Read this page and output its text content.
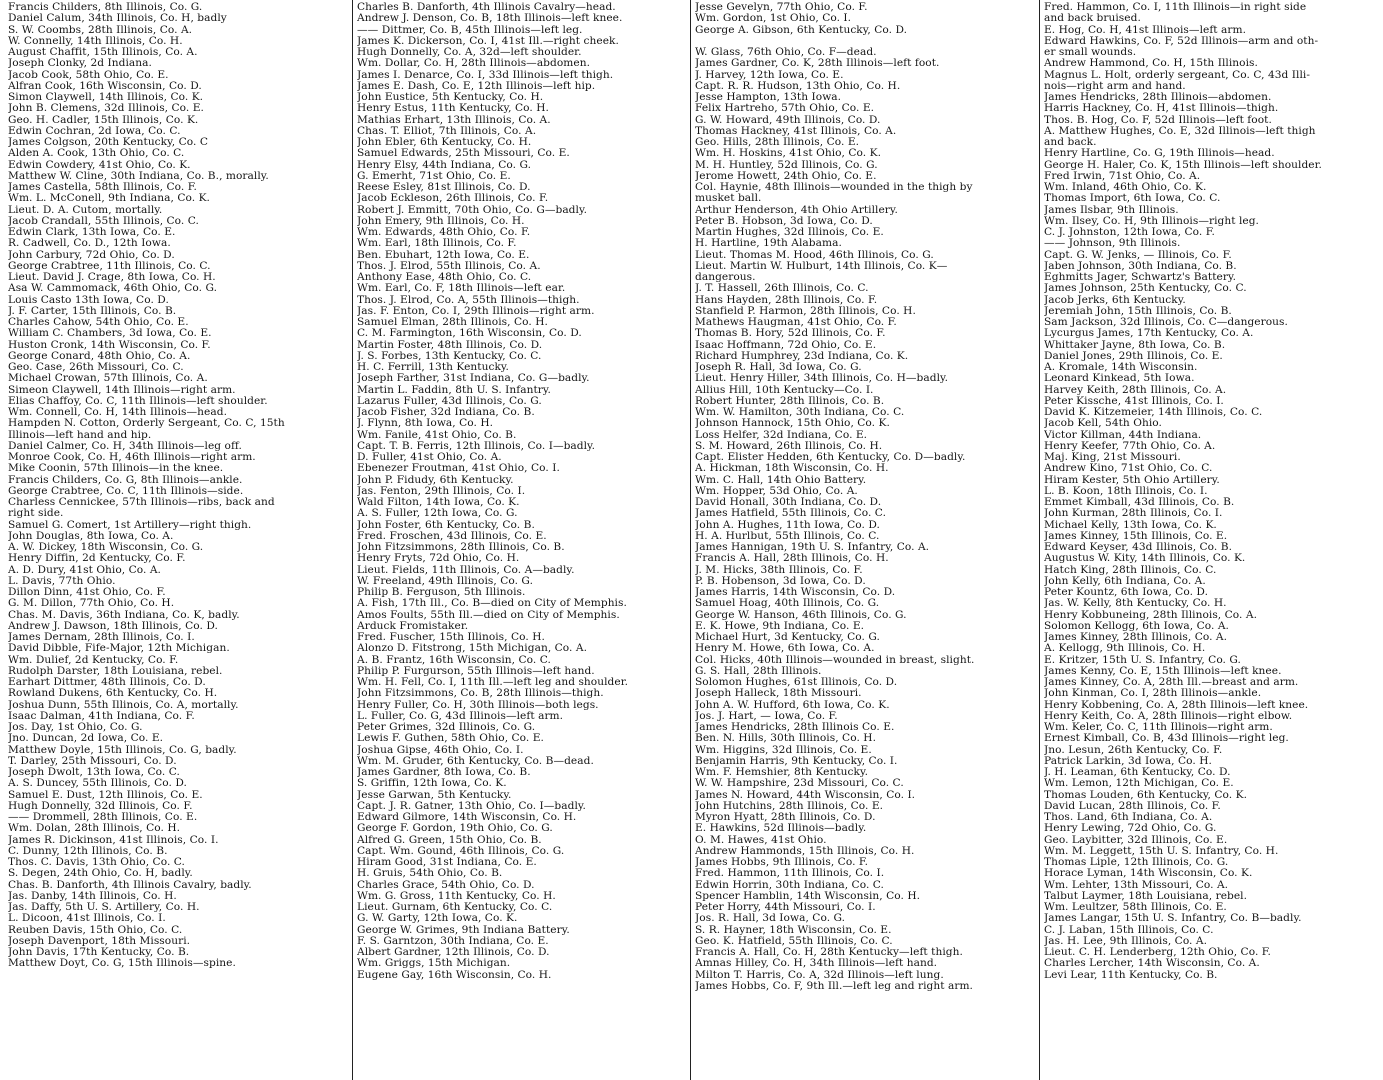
Francis Childers, 8th Illinois, Co. G.
Daniel Calum, 34th Illinois, Co. H, badly
S. W. Coombs, 28th Illinois, Co. A.
W. Connelly, 14th Illinois, Co. H.
August Chaffit, 15th Illinois, Co. A.
Joseph Clonky, 2d Indiana.
Jacob Cook, 58th Ohio, Co. E.
Alfran Cook, 16th Wisconsin, Co. D.
Simon Claywell, 14th Illinois, Co. K.
John B. Clemens, 32d Illinois, Co. E.
Geo. H. Cadler, 15th Illinois, Co. K.
Edwin Cochran, 2d Iowa, Co. C.
James Colgson, 20th Kentucky, Co. C
Alden A. Cook, 13th Ohio, Co. C.
Edwin Cowdery, 41st Ohio, Co. K.
Matthew W. Cline, 30th Indiana, Co. B., morally.
James Castella, 58th Illinois, Co. F.
Wm. L. McConell, 9th Indiana, Co. K.
Lieut. D. A. Cutom, mortally.
Jacob Crandall, 55th Illinois, Co. C.
Edwin Clark, 13th Iowa, Co. E.
R. Cadwell, Co. D., 12th Iowa.
John Carbury, 72d Ohio, Co. D.
George Crabtree, 11th Illinois, Co. C.
Lieut. David J. Crage, 8th Iowa, Co. H.
Asa W. Cammomack, 46th Ohio, Co. G.
Louis Casto 13th Iowa, Co. D.
J. F. Carter, 15th Illinois, Co. B.
Charles Cahow, 54th Ohio, Co. E.
William C. Chambers, 3d Iowa, Co. E.
Huston Cronk, 14th Wisconsin, Co. F.
George Conard, 48th Ohio, Co. A.
Geo. Case, 26th Missouri, Co. C.
Michael Crowan, 57th Illinois, Co. A.
Simeon Claywell, 14th Illinois—right arm.
Elias Chaffoy, Co. C, 11th Illinois—left shoulder.
Wm. Connell, Co. H, 14th Illinois—head.
Hampden N. Cotton, Orderly Sergeant, Co. C, 15th
Illinois—left hand and hip.
Daniel Calmer, Co. H, 34th Illinois—leg off.
Monroe Cook, Co. H, 46th Illinois—right arm.
Mike Coonin, 57th Illinois—in the knee.
Francis Childers, Co. G, 8th Illinois—ankle.
George Crabtree, Co. C, 11th Illinois—side.
Charless Cennickee, 57th Illinois—ribs, back and
right side.
Samuel G. Comert, 1st Artillery—right thigh.
John Douglas, 8th Iowa, Co. A.
A. W. Dickey, 18th Wisconsin, Co. G.
Henry Diffin, 2d Kentucky, Co. F.
A. D. Dury, 41st Ohio, Co. A.
L. Davis, 77th Ohio.
Dillon Dinn, 41st Ohio, Co. F.
G. M. Dillon, 77th Ohio, Co. H.
Chas. M. Davis, 36th Indiana, Co. K, badly.
Andrew J. Dawson, 18th Illinois, Co. D.
James Dernam, 28th Illinois, Co. I.
David Dibble, Fife-Major, 12th Michigan.
Wm. Dulief, 2d Kentucky, Co. F.
Rudolph Darster, 18th Louisiana, rebel.
Earhart Dittmer, 48th Illinois, Co. D.
Rowland Dukens, 6th Kentucky, Co. H.
Joshua Dunn, 55th Illinois, Co. A, mortally.
Isaac Dalman, 41th Indiana, Co. F.
Jos. Day, 1st Ohio, Co. G.
Jno. Duncan, 2d Iowa, Co. E.
Matthew Doyle, 15th Illinois, Co. G, badly.
T. Darley, 25th Missouri, Co. D.
Joseph Dwolt, 13th Iowa, Co. C.
A. S. Duncey, 55th Illinois, Co. D.
Samuel E. Dust, 12th Illinois, Co. E.
Hugh Donnelly, 32d Illinois, Co. F.
—— Drommell, 28th Illinois, Co. E.
Wm. Dolan, 28th Illinois, Co. H.
James R. Dickinson, 41st Illinois, Co. I.
C. Dunny, 12th Illinois, Co. B.
Thos. C. Davis, 13th Ohio, Co. C.
S. Degen, 24th Ohio, Co. H, badly.
Chas. B. Danforth, 4th Illinois Cavalry, badly.
Jas. Danby, 14th Illinois, Co. H.
Jas. Daffy, 5th U. S. Artillery, Co. H.
L. Dicoon, 41st Illinois, Co. I.
Reuben Davis, 15th Ohio, Co. C.
Joseph Davenport, 18th Missouri.
John Davis, 17th Kentucky, Co. B.
Matthew Doyt, Co. G, 15th Illinois—spine.
Charles B. Danforth, 4th Illinois Cavalry—head.
Andrew J. Denson, Co. B, 18th Illinois—left knee.
—— Dittmer, Co. B, 45th Illinois—left leg.
James K. Dickerson, Co. I, 41st Ill.—right cheek.
Hugh Donnelly, Co. A, 32d—left shoulder.
Wm. Dollar, Co. H, 28th Illinois—abdomen.
James I. Denarce, Co. I, 33d Illinois—left thigh.
James E. Dash, Co. E, 12th Illinois—left hip.
John Eustice, 5th Kentucky, Co. H.
Henry Estus, 11th Kentucky, Co. H.
Mathias Erhart, 13th Illinois, Co. A.
Chas. T. Elliot, 7th Illinois, Co. A.
John Ebler, 6th Kentucky, Co. H.
Samuel Edwards, 25th Missouri, Co. E.
Henry Elsy, 44th Indiana, Co. G.
G. Emerht, 71st Ohio, Co. E.
Reese Esley, 81st Illinois, Co. D.
Jacob Eckleson, 26th Illinois, Co. F.
Robert J. Emmitt, 70th Ohio, Co. G—badly.
John Emery, 9th Illinois, Co. H.
Wm. Edwards, 48th Ohio, Co. F.
Wm. Earl, 18th Illinois, Co. F.
Ben. Ebuhart, 12th Iowa, Co. E.
Thos. J. Elrod, 55th Illinois, Co. A.
Anthony Ease, 48th Ohio, Co. C.
Wm. Earl, Co. F, 18th Illinois—left ear.
Thos. J. Elrod, Co. A, 55th Illinois—thigh.
Jas. F. Enton, Co. I, 29th Illinois—right arm.
Samuel Elman, 28th Illinois, Co. H.
C. M. Farmington, 16th Wisconsin, Co. D.
Martin Foster, 48th Illinois, Co. D.
J. S. Forbes, 13th Kentucky, Co. C.
H. C. Ferrill, 13th Kentucky.
Joseph Farther, 31st Indiana, Co. G—badly.
Martin L. Faddin, 8th U. S. Infantry.
Lazarus Fuller, 43d Illinois, Co. G.
Jacob Fisher, 32d Indiana, Co. B.
J. Flynn, 8th Iowa, Co. H.
Wm. Fanile, 41st Ohio, Co. B.
Capt. T. B. Ferris, 12th Illinois, Co. I—badly.
D. Fuller, 41st Ohio, Co. A.
Ebenezer Froutman, 41st Ohio, Co. I.
John P. Fidudy, 6th Kentucky.
Jas. Fenton, 29th Illinois, Co. I.
Wald Filton, 14th Iowa, Co. K.
A. S. Fuller, 12th Iowa, Co. G.
John Foster, 6th Kentucky, Co. B.
Fred. Froschen, 43d Illinois, Co. E.
John Fitzsimmons, 28th Illinois, Co. B.
Henry Fryts, 72d Ohio, Co. H.
Lieut. Fields, 11th Illinois, Co. A—badly.
W. Freeland, 49th Illinois, Co. G.
Philip B. Ferguson, 5th Illinois.
A. Fish, 17th Ill., Co. B—died on City of Memphis.
Amos Foults, 55th Ill.—died on City of Memphis.
Arduck Fromistaker.
Fred. Fuscher, 15th Illinois, Co. H.
Alonzo D. Fitstrong, 15th Michigan, Co. A.
A. B. Frantz, 16th Wisconsin, Co. C.
Philip P. Furgurson, 55th Illinois—left hand.
Wm. H. Fell, Co. I, 11th Ill.—left leg and shoulder.
John Fitzsimmons, Co. B, 28th Illinois—thigh.
Henry Fuller, Co. H, 30th Illinois—both legs.
L. Fuller, Co. G, 43d Illinois—left arm.
Peter Grimes, 32d Illinois, Co. G.
Lewis F. Guthen, 58th Ohio, Co. E.
Joshua Gipse, 46th Ohio, Co. I.
Wm. M. Gruder, 6th Kentucky, Co. B—dead.
James Gardner, 8th Iowa, Co. B.
S. Griffin, 12th Iowa, Co. K.
Jesse Garwan, 5th Kentucky.
Capt. J. R. Gatner, 13th Ohio, Co. I—badly.
Edward Gilmore, 14th Wisconsin, Co. H.
George F. Gordon, 19th Ohio, Co. G.
Alfred G. Green, 15th Ohio, Co. B.
Capt. Wm. Gound, 46th Illinois, Co. G.
Hiram Good, 31st Indiana, Co. E.
H. Gruis, 54th Ohio, Co. B.
Charles Grace, 54th Ohio, Co. D.
Wm. G. Gross, 11th Kentucky, Co. H.
Lieut. Gurnam, 6th Kentucky, Co. C.
G. W. Garty, 12th Iowa, Co. K.
George W. Grimes, 9th Indiana Battery.
F. S. Garntzon, 30th Indiana, Co. E.
Albert Gardner, 12th Illinois, Co. D.
Wm. Griggs, 15th Michigan.
Eugene Gay, 16th Wisconsin, Co. H.
Jesse Gevelyn, 77th Ohio, Co. F.
Wm. Gordon, 1st Ohio, Co. I.
George A. Gibson, 6th Kentucky, Co. D.

W. Glass, 76th Ohio, Co. F—dead.
James Gardner, Co. K, 28th Illinois—left foot.
J. Harvey, 12th Iowa, Co. E.
Capt. R. R. Hudson, 13th Ohio, Co. H.
Jesse Hampton, 13th Iowa.
Felix Hartreho, 57th Ohio, Co. E.
G. W. Howard, 49th Illinois, Co. D.
Thomas Hackney, 41st Illinois, Co. A.
Geo. Hills, 28th Illinois, Co. E.
Wm. H. Hoskins, 41st Ohio, Co. K.
M. H. Huntley, 52d Illinois, Co. G.
Jerome Howett, 24th Ohio, Co. E.
Col. Haynie, 48th Illinois—wounded in the thigh by
musket ball.
Arthur Henderson, 4th Ohio Artillery.
Peter B. Hobson, 3d Iowa, Co. D.
Martin Hughes, 32d Illinois, Co. E.
H. Hartline, 19th Alabama.
Lieut. Thomas M. Hood, 46th Illinois, Co. G.
Lieut. Martin W. Hulburt, 14th Illinois, Co. K—
dangerous.
J. T. Hassell, 26th Illinois, Co. C.
Hans Hayden, 28th Illinois, Co. F.
Stanfield P. Harmon, 28th Illinois, Co. H.
Mathews Haugman, 41st Ohio, Co. F.
Thomas B. Hory, 52d Illinois, Co. F.
Isaac Hoffmann, 72d Ohio, Co. E.
Richard Humphrey, 23d Indiana, Co. K.
Joseph R. Hall, 3d Iowa, Co. G.
Lieut. Henry Hiller, 34th Illinois, Co. H—badly.
Allius Hill, 10th Kentucky—Co. I.
Robert Hunter, 28th Illinois, Co. B.
Wm. W. Hamilton, 30th Indiana, Co. C.
Johnson Hannock, 15th Ohio, Co. K.
Loss Helfer, 32d Indiana, Co. E.
S. M. Howard, 26th Illinois, Co. H.
Capt. Elister Hedden, 6th Kentucky, Co. D—badly.
A. Hickman, 18th Wisconsin, Co. H.
Wm. C. Hall, 14th Ohio Battery.
Wm. Hopper, 53d Ohio, Co. A.
David Honall, 30th Indiana, Co. D.
James Hatfield, 55th Illinois, Co. C.
John A. Hughes, 11th Iowa, Co. D.
H. A. Hurlbut, 55th Illinois, Co. C.
James Hannigan, 19th U. S. Infantry, Co. A.
Francis A. Hall, 28th Illinois, Co. H.
J. M. Hicks, 38th Illinois, Co. F.
P. B. Hobenson, 3d Iowa, Co. D.
James Harris, 14th Wisconsin, Co. D.
Samuel Hoag, 40th Illinois, Co. G.
George W. Hanson, 46th Illinois, Co. G.
E. K. Howe, 9th Indiana, Co. E.
Michael Hurt, 3d Kentucky, Co. G.
Henry M. Howe, 6th Iowa, Co. A.
Col. Hicks, 40th Illinois—wounded in breast, slight.
G. S. Hall, 28th Illinois.
Solomon Hughes, 61st Illinois, Co. D.
Joseph Halleck, 18th Missouri.
John A. W. Hufford, 6th Iowa, Co. K.
Jos. J. Hart, — Iowa, Co. F.
James Hendricks, 28th Illinois Co. E.
Ben. N. Hills, 30th Illinois, Co. H.
Wm. Higgins, 32d Illinois, Co. E.
Benjamin Harris, 9th Kentucky, Co. I.
Wm. F. Hemshier, 8th Kentucky.
W. W. Hampshire, 23d Missouri, Co. C.
James N. Howard, 44th Wisconsin, Co. I.
John Hutchins, 28th Illinois, Co. E.
Myron Hyatt, 28th Illinois, Co. D.
E. Hawkins, 52d Illinois—badly.
O. M. Hawes, 41st Ohio.
Andrew Hammonds, 15th Illinois, Co. H.
James Hobbs, 9th Illinois, Co. F.
Fred. Hammon, 11th Illinois, Co. I.
Edwin Horrin, 30th Indiana, Co. C.
Spencer Hamblin, 14th Wisconsin, Co. H.
Peter Horry, 44th Missouri, Co. I.
Jos. R. Hall, 3d Iowa, Co. G.
S. R. Hayner, 18th Wisconsin, Co. E.
Geo. K. Hatfield, 55th Illinois, Co. C.
Francis A. Hall, Co. H, 28th Kentucky—left thigh.
Amnas Hilley, Co. H, 34th Illinois—left hand.
Milton T. Harris, Co. A, 32d Illinois—left lung.
James Hobbs, Co. F, 9th Ill.—left leg and right arm.
Fred. Hammon, Co. I, 11th Illinois—in right side
and back bruised.
E. Hog, Co. H, 41st Illinois—left arm.
Edward Hawkins, Co. F, 52d Illinois—arm and oth-
er small wounds.
Andrew Hammond, Co. H, 15th Illinois.
Magnus L. Holt, orderly sergeant, Co. C, 43d Illi-
nois—right arm and hand.
James Hendricks, 28th Illinois—abdomen.
Harris Hackney, Co. H, 41st Illinois—thigh.
Thos. B. Hog, Co. F, 52d Illinois—left foot.
A. Matthew Hughes, Co. E, 32d Illinois—left thigh
and back.
Henry Hartline, Co. G, 19th Illinois—head.
George H. Haler, Co. K, 15th Illinois—left shoulder.
Fred Irwin, 71st Ohio, Co. A.
Wm. Inland, 46th Ohio, Co. K.
Thomas Import, 6th Iowa, Co. C.
James Ilsbar, 9th Illinois.
Wm. Ilsey, Co. H, 9th Illinois—right leg.
C. J. Johnston, 12th Iowa, Co. F.
—— Johnson, 9th Illinois.
Capt. G. W. Jenks, — Illinois, Co. F.
Jaben Johnson, 30th Indiana, Co. B.
Eghmitts Jager, Schwartz's Battery.
James Johnson, 25th Kentucky, Co. C.
Jacob Jerks, 6th Kentucky.
Jeremiah John, 15th Illinois, Co. B.
Sam Jackson, 32d Illinois, Co. C—dangerous.
Lycurgus James, 17th Kentucky, Co. A.
Whittaker Jayne, 8th Iowa, Co. B.
Daniel Jones, 29th Illinois, Co. E.
A. Kromale, 14th Wisconsin.
Leonard Kinkead, 5th Iowa.
Harvey Keith, 28th Illinois, Co. A.
Peter Kissche, 41st Illinois, Co. I.
David K. Kitzemeier, 14th Illinois, Co. C.
Jacob Kell, 54th Ohio.
Victor Killman, 44th Indiana.
Henry Keefer, 77th Ohio, Co. A.
Maj. King, 21st Missouri.
Andrew Kino, 71st Ohio, Co. C.
Hiram Kester, 5th Ohio Artillery.
L. B. Koon, 18th Illinois, Co. I.
Emmet Kimball, 43d Illinois, Co. B.
John Kurman, 28th Illinois, Co. I.
Michael Kelly, 13th Iowa, Co. K.
James Kinney, 15th Illinois, Co. E.
Edward Keyser, 43d Illinois, Co. B.
Augustus W. Kity, 14th Illinois, Co. K.
Hatch King, 28th Illinois, Co. C.
John Kelly, 6th Indiana, Co. A.
Peter Kountz, 6th Iowa, Co. D.
Jas. W. Kelly, 8th Kentucky, Co. H.
Henry Kobbuneing, 28th Illinois, Co. A.
Solomon Kellogg, 6th Iowa, Co. A.
James Kinney, 28th Illinois, Co. A.
A. Kellogg, 9th Illinois, Co. H.
E. Kritzer, 15th U. S. Infantry, Co. G.
James Kenny, Co. E, 15th Illinois—left knee.
James Kinney, Co. A, 28th Ill.—breast and arm.
John Kinman, Co. I, 28th Illinois—ankle.
Henry Kobbening, Co. A, 28th Illinois—left knee.
Henry Keith, Co. A, 28th Illinois—right elbow.
Wm. Keler, Co. C, 11th Illinois—right arm.
Ernest Kimball, Co. B, 43d Illinois—right leg.
Jno. Lesun, 26th Kentucky, Co. F.
Patrick Larkin, 3d Iowa, Co. H.
J. H. Leaman, 6th Kentucky, Co. D.
Wm. Lemon, 12th Michigan, Co. E.
Thomas Louden, 6th Kentucky, Co. K.
David Lucan, 28th Illinois, Co. F.
Thos. Land, 6th Indiana, Co. A.
Henry Lewing, 72d Ohio, Co. G.
Geo. Laybitter, 32d Illinois, Co. E.
Wm. M. Leggett, 15th U. S. Infantry, Co. H.
Thomas Liple, 12th Illinois, Co. G.
Horace Lyman, 14th Wisconsin, Co. K.
Wm. Lehter, 13th Missouri, Co. A.
Talbut Laymer, 18th Louisiana, rebel.
Wm. Leultzer, 58th Illinois, Co. E.
James Langar, 15th U. S. Infantry, Co. B—badly.
C. J. Laban, 15th Illinois, Co. C.
Jas. H. Lee, 9th Illinois, Co. A.
Lieut. C. H. Lenderberg, 12th Ohio, Co. F.
Charles Lercher, 14th Wisconsin, Co. A.
Levi Lear, 11th Kentucky, Co. B.
